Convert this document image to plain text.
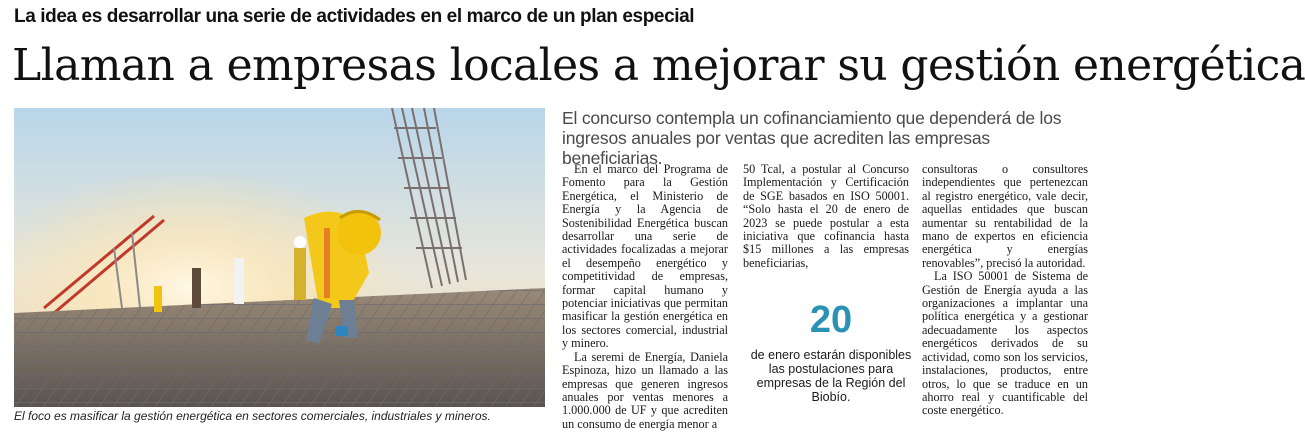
La idea es desarrollar una serie de actividades en el marco de un plan especial
Llaman a empresas locales a mejorar su gestión energética
El foco es masificar la gestión energética en sectores comerciales, industriales y mineros.
El concurso contempla un cofinanciamiento que dependerá de los ingresos anuales por ventas que acrediten las empresas beneficiarias.

En el marco del Programa de Fomento para la Gestión Energética, el Ministerio de Energía y la Agencia de Sostenibilidad Energética buscan desarrollar una serie de actividades focalizadas a mejorar el desempeño energético y competitividad de empresas, formar capital humano y potenciar iniciativas que permitan masificar la gestión energética en los sectores comercial, industrial y minero.

La seremi de Energía, Daniela Espinoza, hizo un llamado a las empresas que generen ingresos anuales por ventas menores a 1.000.000 de UF y que acrediten un consumo de energía menor a

50 Tcal, a postular al Concurso Implementación y Certificación de SGE basados en ISO 50001. “Solo hasta el 20 de enero de 2023 se puede postular a esta iniciativa que cofinancia hasta $15 millones a las empresas beneficiarias,

20
de enero estarán disponibles las postulaciones para empresas de la Región del Biobío.

consultoras o consultores independientes que pertenezcan al registro energético, vale decir, aquellas entidades que buscan aumentar su rentabilidad de la mano de expertos en eficiencia energética y energías renovables”, precisó la autoridad.

La ISO 50001 de Sistema de Gestión de Energía ayuda a las organizaciones a implantar una política energética y a gestionar adecuadamente los aspectos energéticos derivados de su actividad, como son los servicios, instalaciones, productos, entre otros, lo que se traduce en un ahorro real y cuantificable del coste energético.
